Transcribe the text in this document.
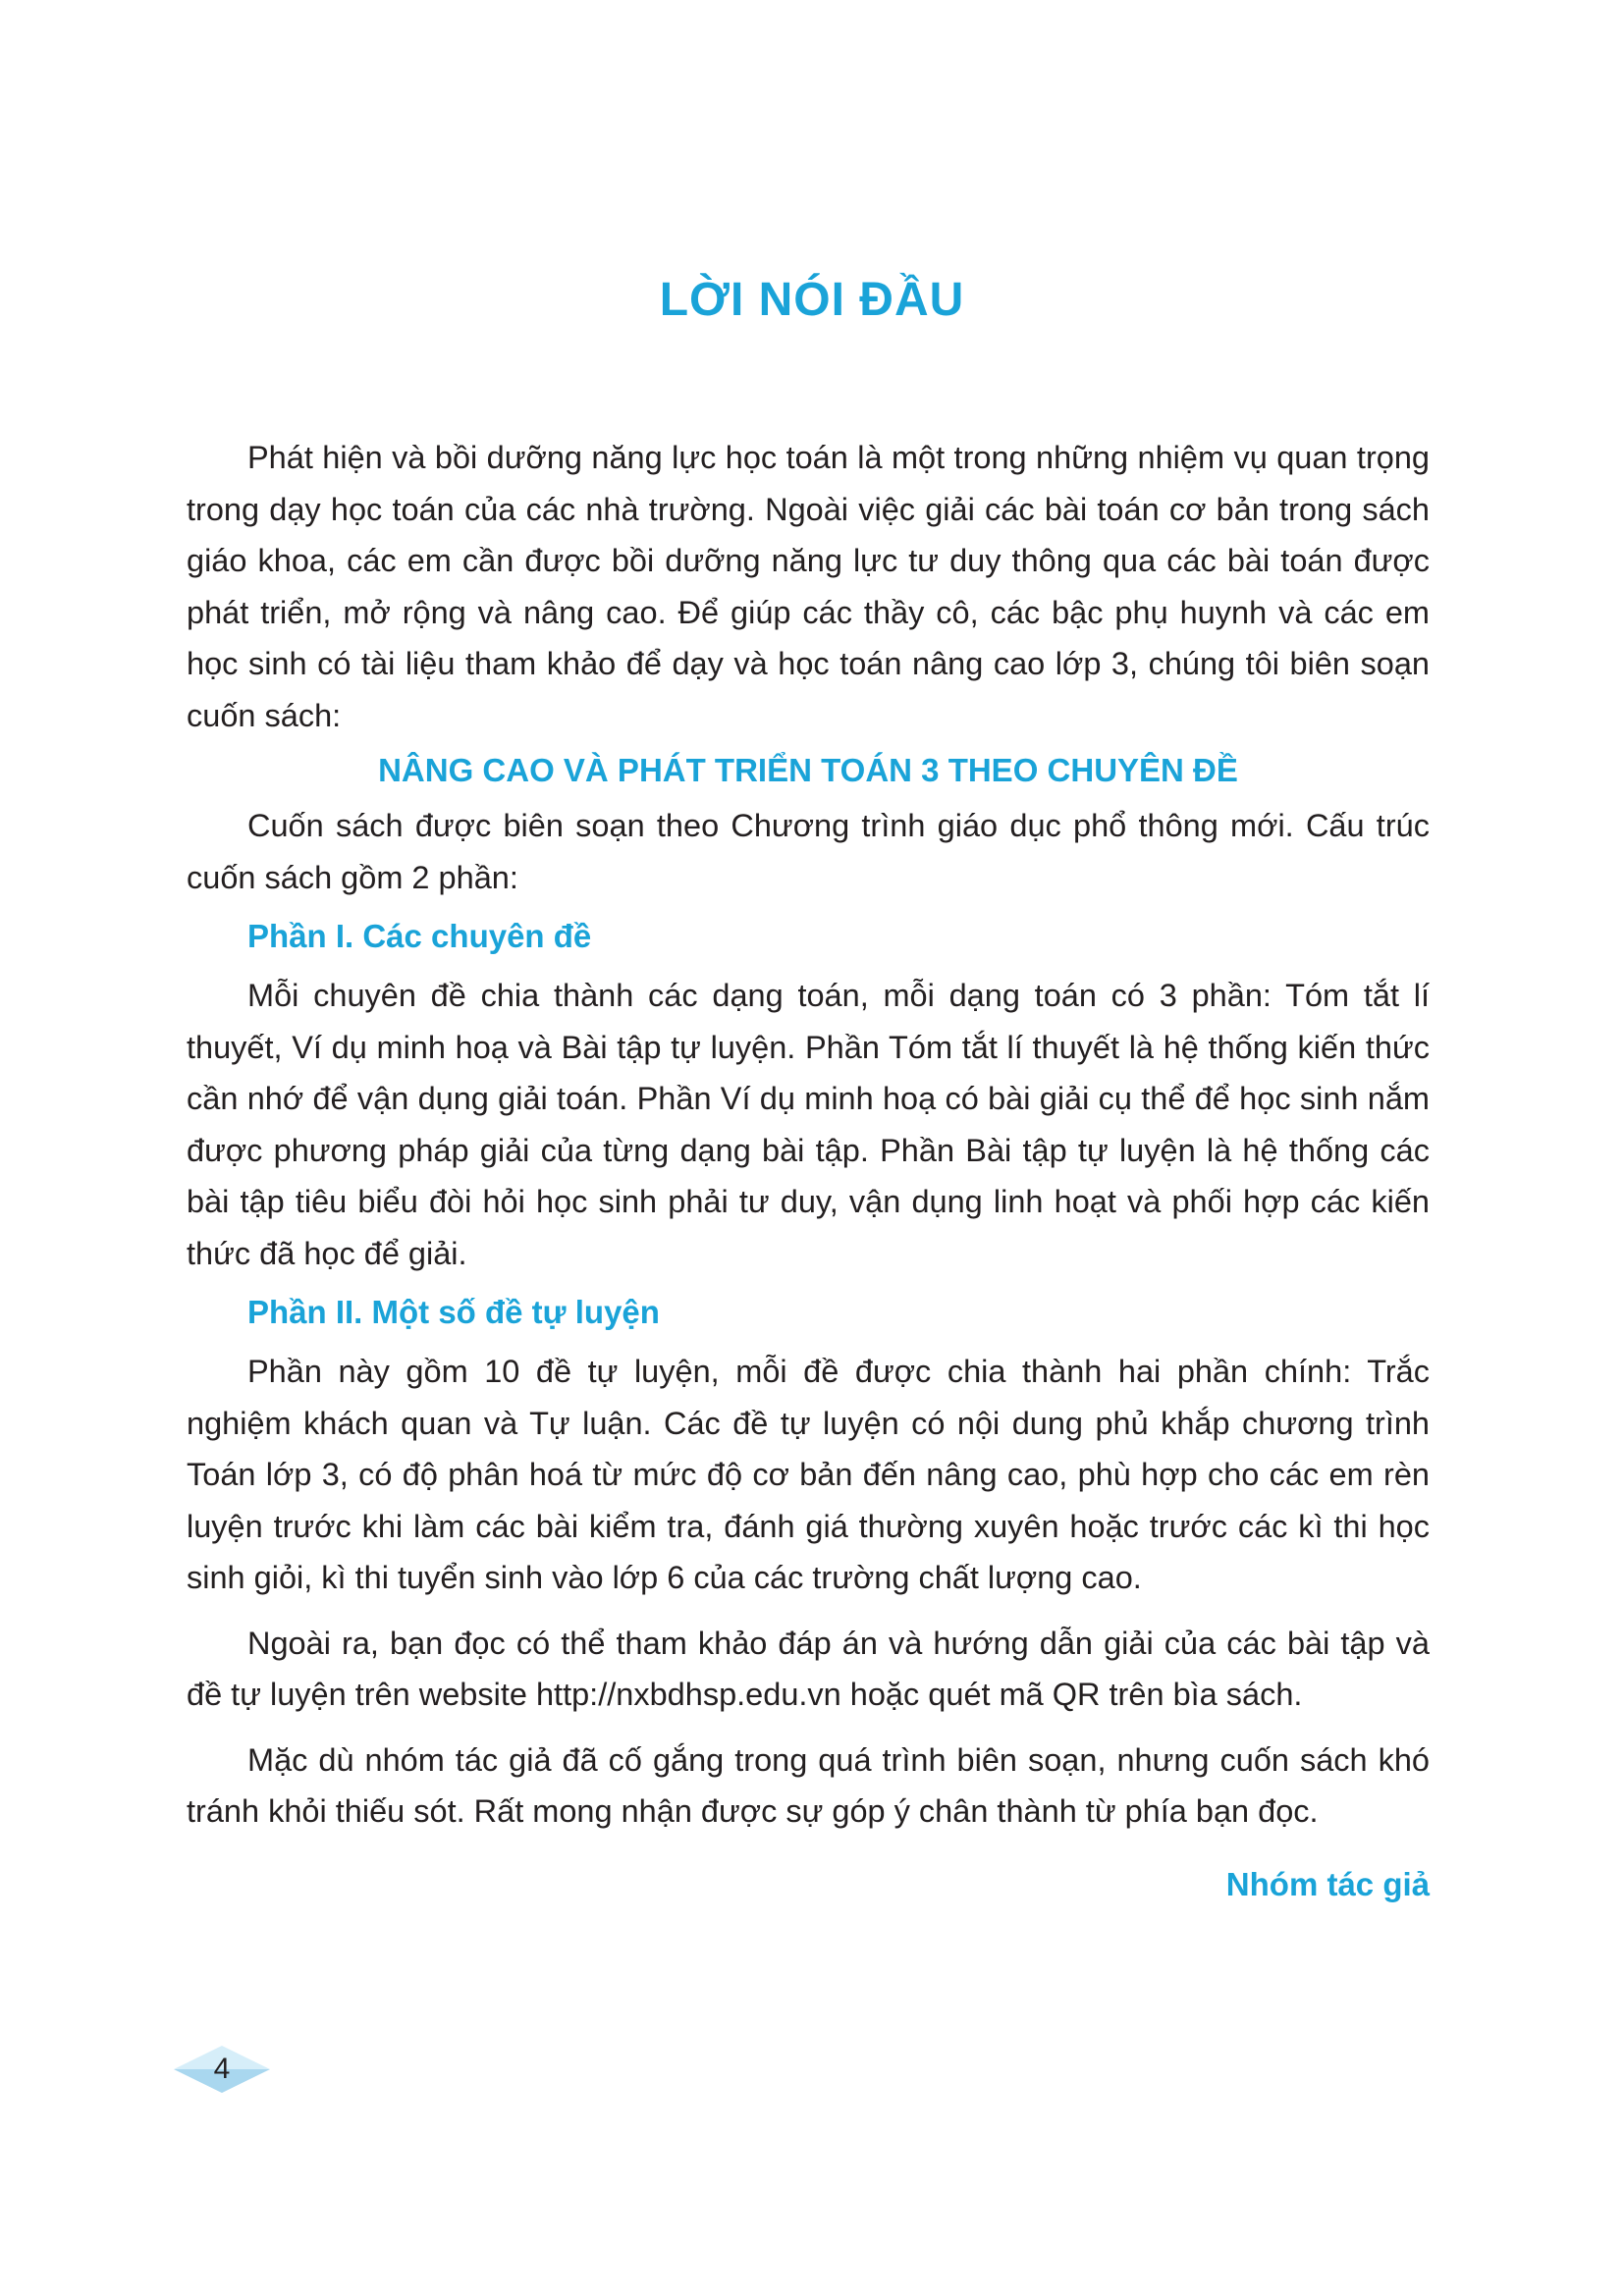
LỜI NÓI ĐẦU

Phát hiện và bồi dưỡng năng lực học toán là một trong những nhiệm vụ quan trọng trong dạy học toán của các nhà trường. Ngoài việc giải các bài toán cơ bản trong sách giáo khoa, các em cần được bồi dưỡng năng lực tư duy thông qua các bài toán được phát triển, mở rộng và nâng cao. Để giúp các thầy cô, các bậc phụ huynh và các em học sinh có tài liệu tham khảo để dạy và học toán nâng cao lớp 3, chúng tôi biên soạn cuốn sách:

NÂNG CAO VÀ PHÁT TRIỂN TOÁN 3 THEO CHUYÊN ĐỀ

Cuốn sách được biên soạn theo Chương trình giáo dục phổ thông mới. Cấu trúc cuốn sách gồm 2 phần:

Phần I. Các chuyên đề

Mỗi chuyên đề chia thành các dạng toán, mỗi dạng toán có 3 phần: Tóm tắt lí thuyết, Ví dụ minh hoạ và Bài tập tự luyện. Phần Tóm tắt lí thuyết là hệ thống kiến thức cần nhớ để vận dụng giải toán. Phần Ví dụ minh hoạ có bài giải cụ thể để học sinh nắm được phương pháp giải của từng dạng bài tập. Phần Bài tập tự luyện là hệ thống các bài tập tiêu biểu đòi hỏi học sinh phải tư duy, vận dụng linh hoạt và phối hợp các kiến thức đã học để giải.

Phần II. Một số đề tự luyện

Phần này gồm 10 đề tự luyện, mỗi đề được chia thành hai phần chính: Trắc nghiệm khách quan và Tự luận. Các đề tự luyện có nội dung phủ khắp chương trình Toán lớp 3, có độ phân hoá từ mức độ cơ bản đến nâng cao, phù hợp cho các em rèn luyện trước khi làm các bài kiểm tra, đánh giá thường xuyên hoặc trước các kì thi học sinh giỏi, kì thi tuyển sinh vào lớp 6 của các trường chất lượng cao.

Ngoài ra, bạn đọc có thể tham khảo đáp án và hướng dẫn giải của các bài tập và đề tự luyện trên website http://nxbdhsp.edu.vn hoặc quét mã QR trên bìa sách.

Mặc dù nhóm tác giả đã cố gắng trong quá trình biên soạn, nhưng cuốn sách khó tránh khỏi thiếu sót. Rất mong nhận được sự góp ý chân thành từ phía bạn đọc.

Nhóm tác giả
4
